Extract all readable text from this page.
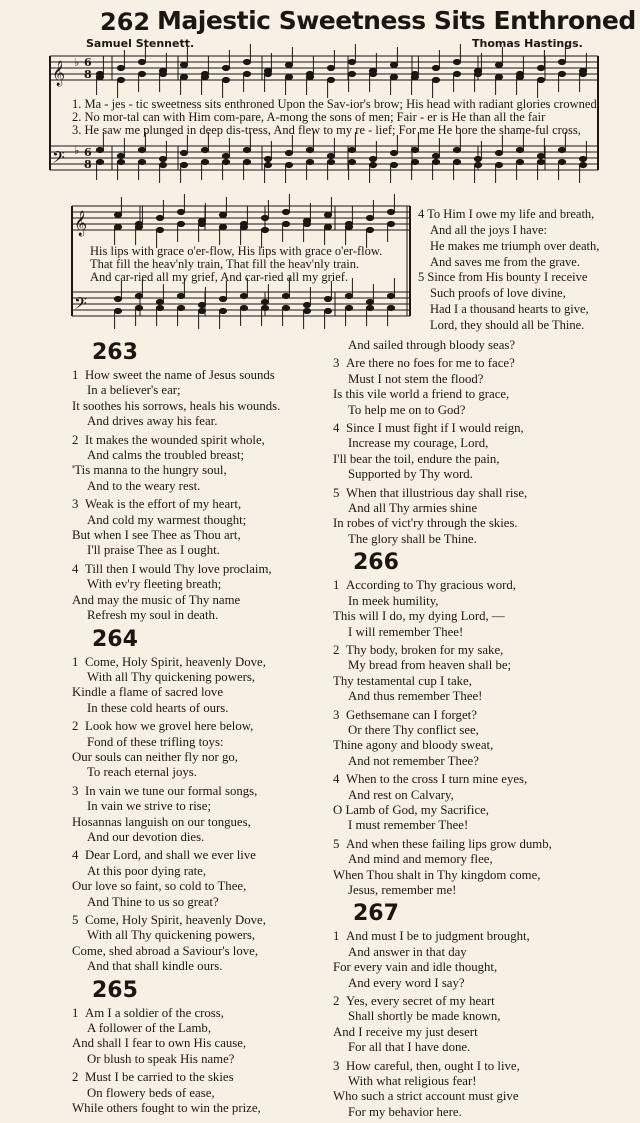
262 Majestic Sweetness Sits Enthroned
Samuel Stennett.	Thomas Hastings.
𝄞
𝄢
𝄞
𝄢
♭ 6
8
♭ 6
8
1. Ma - jes - tic sweetness sits enthroned Upon the Sav-ior's brow; His head with radiant glories crowned
2. No mor-tal can with Him com-pare, A-mong the sons of men; Fair - er is He than all the fair
3. He saw me plunged in deep dis-tress, And flew to my re - lief; For me He bore the shame-ful cross,
His lips with grace o'er-flow, His lips with grace o'er-flow.
That fill the heav'nly train, That fill the heav'nly train.
And car-ried all my grief, And car-ried all my grief.
4 To Him I owe my life and breath,
And all the joys I have:
He makes me triumph over death,
And saves me from the grave.
5 Since from His bounty I receive
Such proofs of love divine,
Had I a thousand hearts to give,
Lord, they should all be Thine.
263
1 How sweet the name of Jesus sounds
In a believer's ear;
It soothes his sorrows, heals his wounds.
And drives away his fear.
2 It makes the wounded spirit whole,
And calms the troubled breast;
'Tis manna to the hungry soul,
And to the weary rest.
3 Weak is the effort of my heart,
And cold my warmest thought;
But when I see Thee as Thou art,
I'll praise Thee as I ought.
4 Till then I would Thy love proclaim,
With ev'ry fleeting breath;
And may the music of Thy name
Refresh my soul in death.
264
1 Come, Holy Spirit, heavenly Dove,
With all Thy quickening powers,
Kindle a flame of sacred love
In these cold hearts of ours.
2 Look how we grovel here below,
Fond of these trifling toys:
Our souls can neither fly nor go,
To reach eternal joys.
3 In vain we tune our formal songs,
In vain we strive to rise;
Hosannas languish on our tongues,
And our devotion dies.
4 Dear Lord, and shall we ever live
At this poor dying rate,
Our love so faint, so cold to Thee,
And Thine to us so great?
5 Come, Holy Spirit, heavenly Dove,
With all Thy quickening powers,
Come, shed abroad a Saviour's love,
And that shall kindle ours.
265
1 Am I a soldier of the cross,
A follower of the Lamb,
And shall I fear to own His cause,
Or blush to speak His name?
2 Must I be carried to the skies
On flowery beds of ease,
While others fought to win the prize,
And sailed through bloody seas?
3 Are there no foes for me to face?
Must I not stem the flood?
Is this vile world a friend to grace,
To help me on to God?
4 Since I must fight if I would reign,
Increase my courage, Lord,
I'll bear the toil, endure the pain,
Supported by Thy word.
5 When that illustrious day shall rise,
And all Thy armies shine
In robes of vict'ry through the skies.
The glory shall be Thine.
266
1 According to Thy gracious word,
In meek humility,
This will I do, my dying Lord, —
I will remember Thee!
2 Thy body, broken for my sake,
My bread from heaven shall be;
Thy testamental cup I take,
And thus remember Thee!
3 Gethsemane can I forget?
Or there Thy conflict see,
Thine agony and bloody sweat,
And not remember Thee?
4 When to the cross I turn mine eyes,
And rest on Calvary,
O Lamb of God, my Sacrifice,
I must remember Thee!
5 And when these failing lips grow dumb,
And mind and memory flee,
When Thou shalt in Thy kingdom come,
Jesus, remember me!
267
1 And must I be to judgment brought,
And answer in that day
For every vain and idle thought,
And every word I say?
2 Yes, every secret of my heart
Shall shortly be made known,
And I receive my just desert
For all that I have done.
3 How careful, then, ought I to live,
With what religious fear!
Who such a strict account must give
For my behavior here.
